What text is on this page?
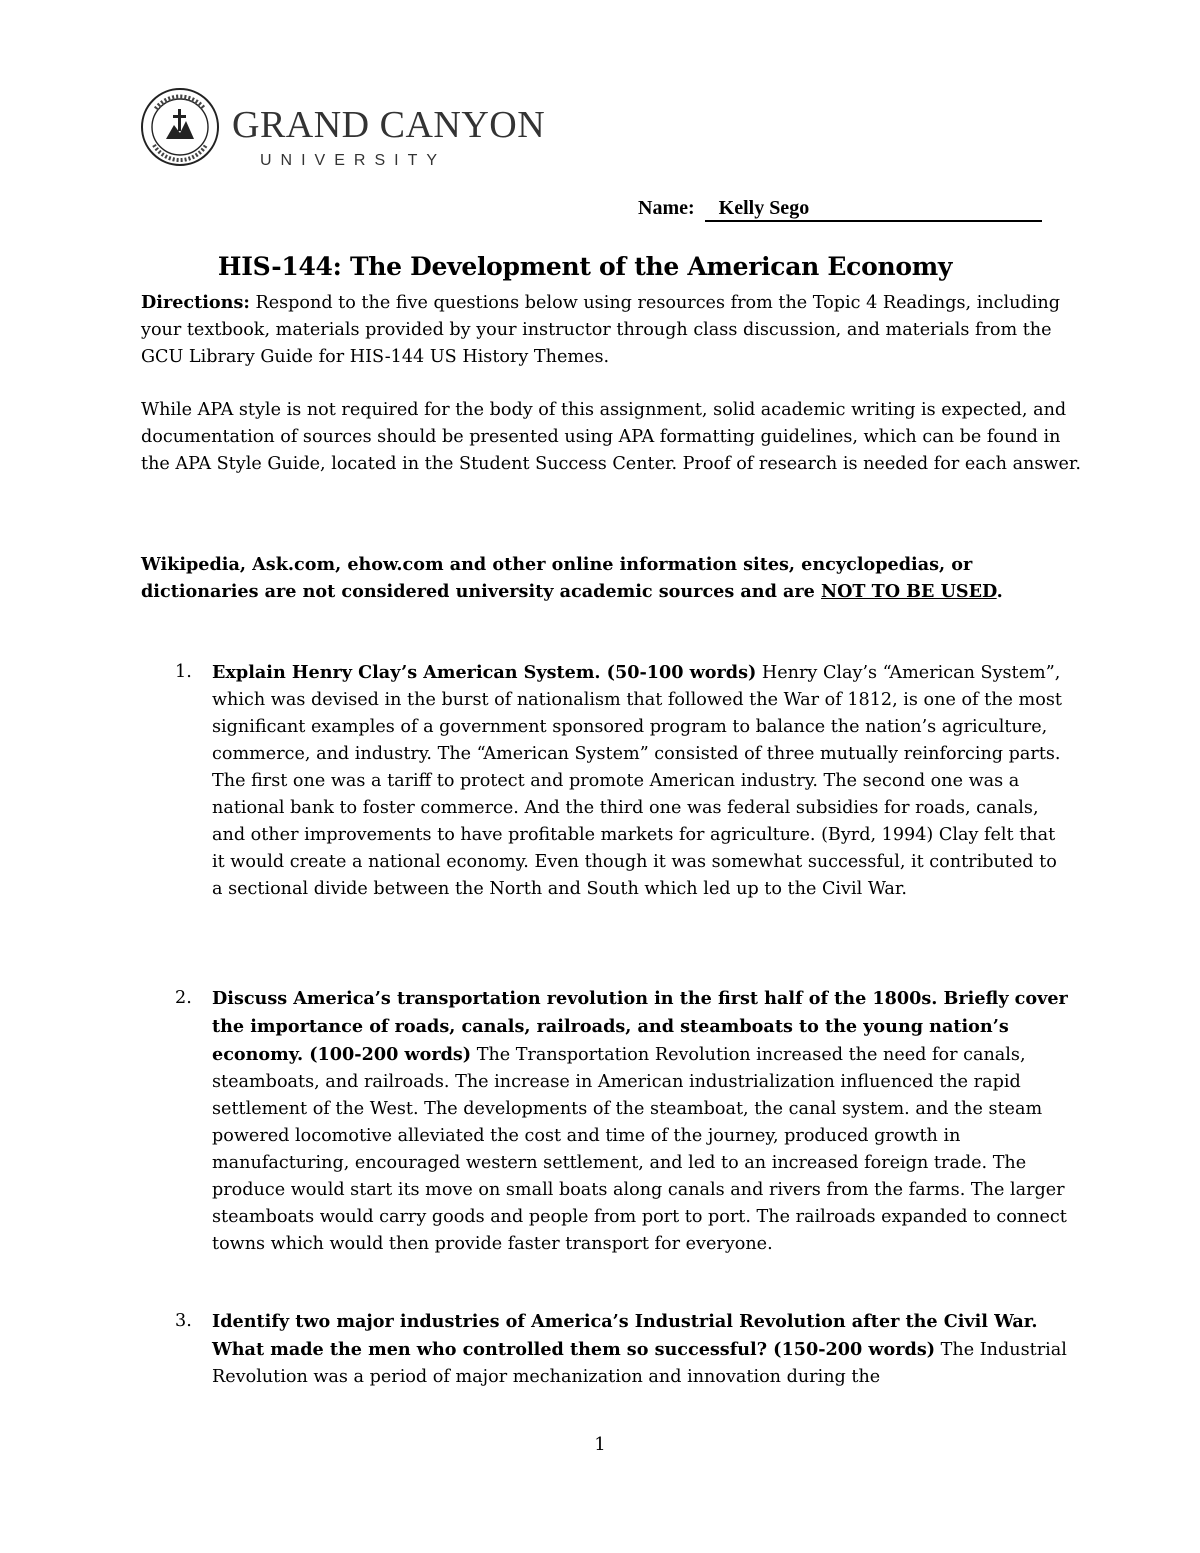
GRAND CANYON
UNIVERSITY
Name: Kelly Sego
HIS-144: The Development of the American Economy
Directions: Respond to the five questions below using resources from the Topic 4 Readings, including your textbook, materials provided by your instructor through class discussion, and materials from the GCU Library Guide for HIS-144 US History Themes.
While APA style is not required for the body of this assignment, solid academic writing is expected, and documentation of sources should be presented using APA formatting guidelines, which can be found in the APA Style Guide, located in the Student Success Center. Proof of research is needed for each answer.
Wikipedia, Ask.com, ehow.com and other online information sites, encyclopedias, or dictionaries are not considered university academic sources and are NOT TO BE USED.
1. Explain Henry Clay’s American System. (50-100 words) Henry Clay’s “American System”, which was devised in the burst of nationalism that followed the War of 1812, is one of the most significant examples of a government sponsored program to balance the nation’s agriculture, commerce, and industry. The “American System” consisted of three mutually reinforcing parts. The first one was a tariff to protect and promote American industry. The second one was a national bank to foster commerce. And the third one was federal subsidies for roads, canals, and other improvements to have profitable markets for agriculture. (Byrd, 1994) Clay felt that it would create a national economy. Even though it was somewhat successful, it contributed to a sectional divide between the North and South which led up to the Civil War.
2. Discuss America’s transportation revolution in the first half of the 1800s. Briefly cover the importance of roads, canals, railroads, and steamboats to the young nation’s economy. (100-200 words) The Transportation Revolution increased the need for canals, steamboats, and railroads. The increase in American industrialization influenced the rapid settlement of the West. The developments of the steamboat, the canal system. and the steam powered locomotive alleviated the cost and time of the journey, produced growth in manufacturing, encouraged western settlement, and led to an increased foreign trade. The produce would start its move on small boats along canals and rivers from the farms. The larger steamboats would carry goods and people from port to port. The railroads expanded to connect towns which would then provide faster transport for everyone.
3. Identify two major industries of America’s Industrial Revolution after the Civil War. What made the men who controlled them so successful? (150-200 words) The Industrial Revolution was a period of major mechanization and innovation during the
1
